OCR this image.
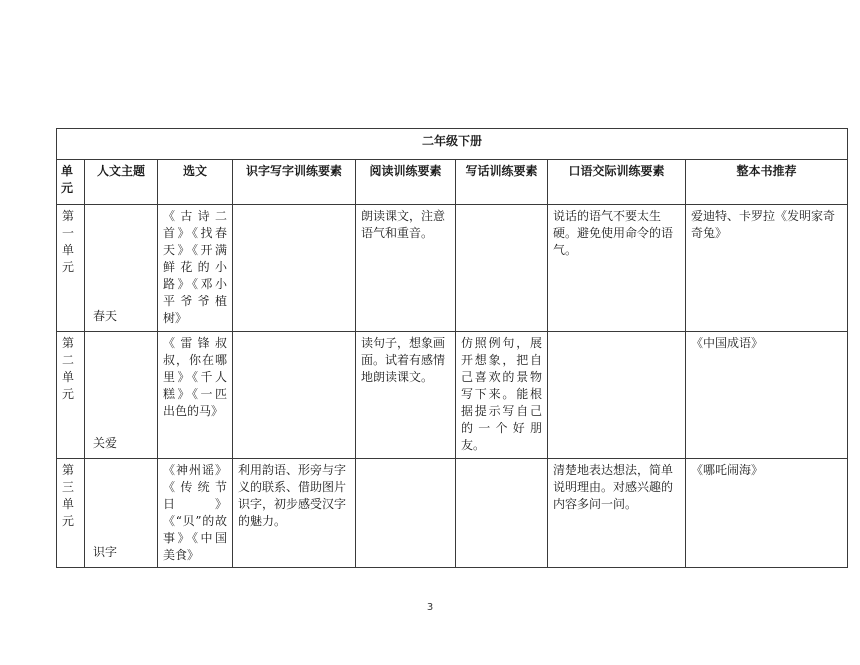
二年级下册							
单元	人文主题	选文	识字写字训练要素	阅读训练要素	写话训练要素	口语交际训练要素	整本书推荐
第一单元	春天	《古诗二首》《找春天》《开满鲜花的小路》《邓小平爷爷植树》		朗读课文，注意语气和重音。		说话的语气不要太生硬。避免使用命令的语气。	爱迪特、卡罗拉《发明家奇奇兔》
第二单元	关爱	《雷锋叔叔，你在哪里》《千人糕》《一匹出色的马》		读句子，想象画面。试着有感情地朗读课文。	仿照例句，展开想象，把自己喜欢的景物写下来。能根据提示写自己的一个好朋友。		《中国成语》
第三单元	识字	《神州谣》《传统节日》《“贝”的故事》《中国美食》	利用韵语、形旁与字义的联系、借助图片识字，初步感受汉字的魅力。			清楚地表达想法，简单说明理由。对感兴趣的内容多问一问。	《哪吒闹海》
3
